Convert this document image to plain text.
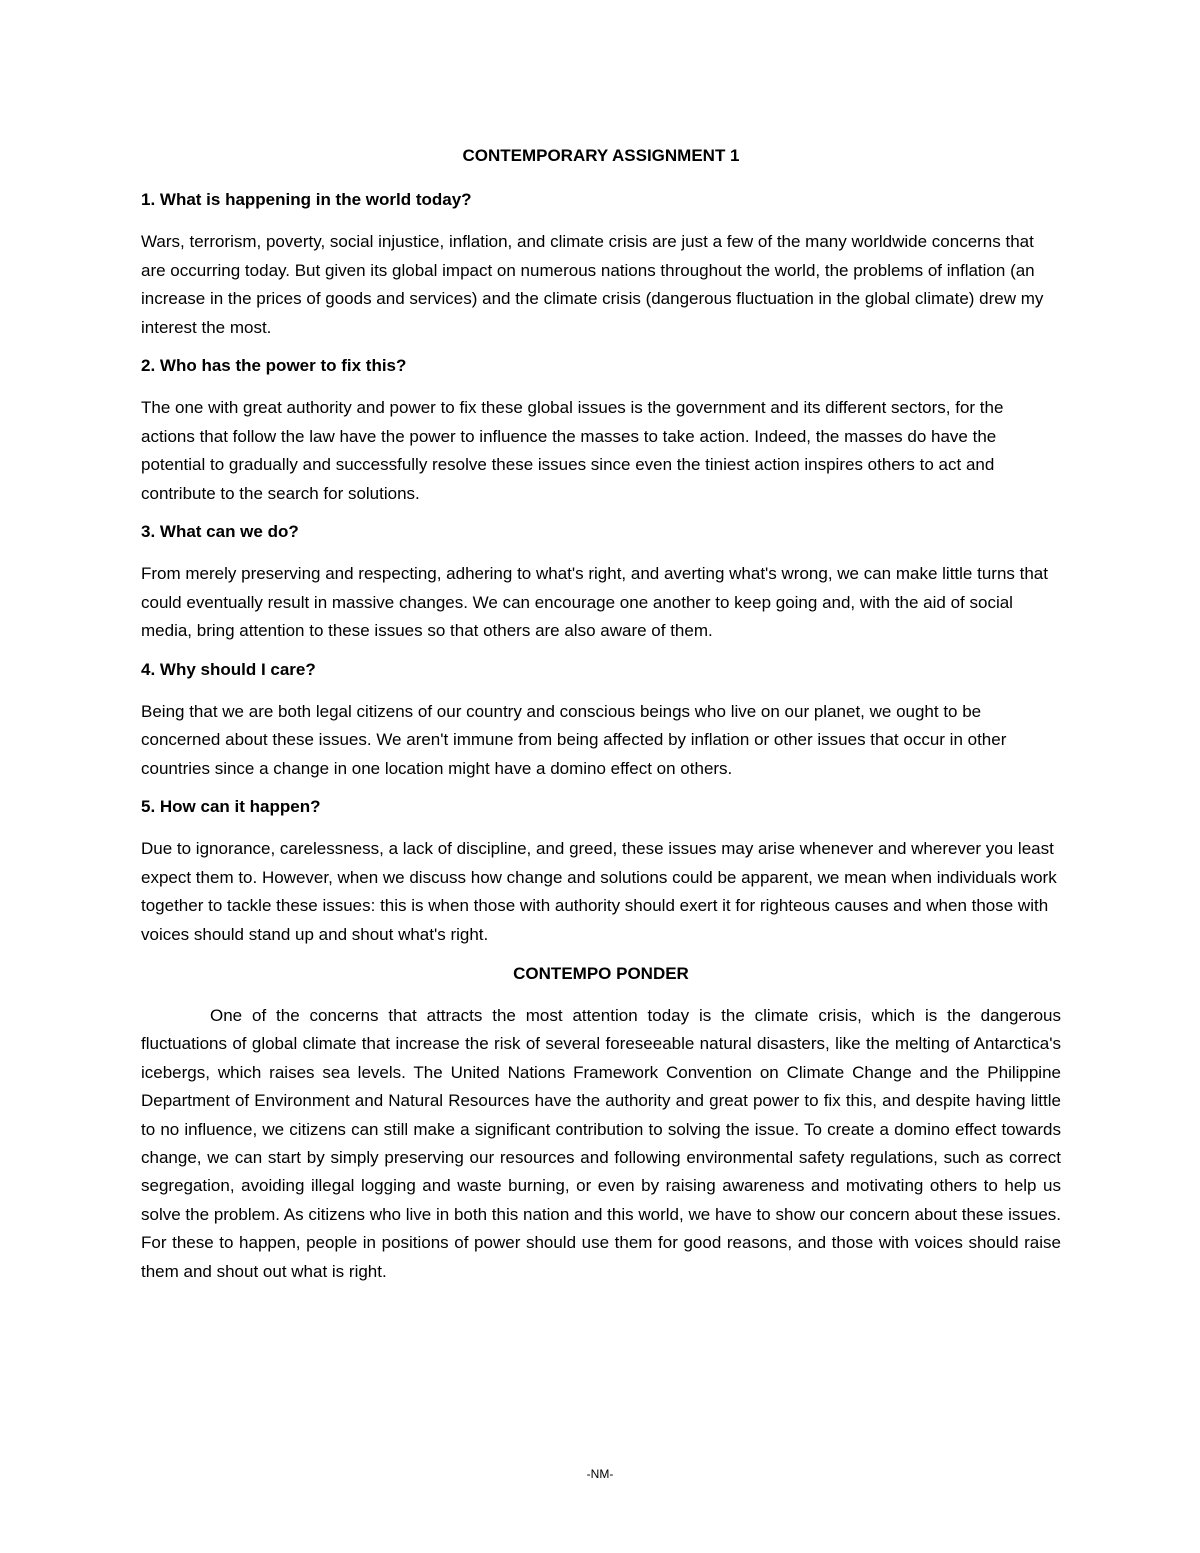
CONTEMPORARY ASSIGNMENT 1
1. What is happening in the world today?
Wars, terrorism, poverty, social injustice, inflation, and climate crisis are just a few of the many worldwide concerns that are occurring today. But given its global impact on numerous nations throughout the world, the problems of inflation (an increase in the prices of goods and services) and the climate crisis (dangerous fluctuation in the global climate) drew my interest the most.
2. Who has the power to fix this?
The one with great authority and power to fix these global issues is the government and its different sectors, for the actions that follow the law have the power to influence the masses to take action. Indeed, the masses do have the potential to gradually and successfully resolve these issues since even the tiniest action inspires others to act and contribute to the search for solutions.
3. What can we do?
From merely preserving and respecting, adhering to what's right, and averting what's wrong, we can make little turns that could eventually result in massive changes. We can encourage one another to keep going and, with the aid of social media, bring attention to these issues so that others are also aware of them.
4. Why should I care?
Being that we are both legal citizens of our country and conscious beings who live on our planet, we ought to be concerned about these issues. We aren't immune from being affected by inflation or other issues that occur in other countries since a change in one location might have a domino effect on others.
5. How can it happen?
Due to ignorance, carelessness, a lack of discipline, and greed, these issues may arise whenever and wherever you least expect them to. However, when we discuss how change and solutions could be apparent, we mean when individuals work together to tackle these issues: this is when those with authority should exert it for righteous causes and when those with voices should stand up and shout what's right.
CONTEMPO PONDER

One of the concerns that attracts the most attention today is the climate crisis, which is the dangerous fluctuations of global climate that increase the risk of several foreseeable natural disasters, like the melting of Antarctica's icebergs, which raises sea levels. The United Nations Framework Convention on Climate Change and the Philippine Department of Environment and Natural Resources have the authority and great power to fix this, and despite having little to no influence, we citizens can still make a significant contribution to solving the issue. To create a domino effect towards change, we can start by simply preserving our resources and following environmental safety regulations, such as correct segregation, avoiding illegal logging and waste burning, or even by raising awareness and motivating others to help us solve the problem. As citizens who live in both this nation and this world, we have to show our concern about these issues. For these to happen, people in positions of power should use them for good reasons, and those with voices should raise them and shout out what is right.

-NM-
